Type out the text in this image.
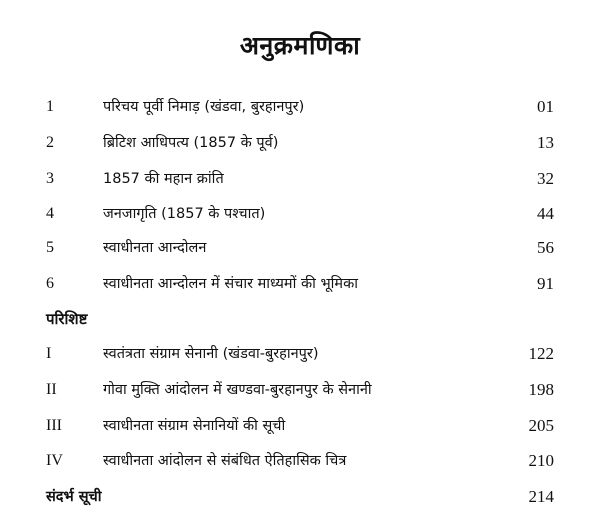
अनुक्रमणिका
1	परिचय पूर्वी निमाड़ (खंडवा, बुरहानपुर)	01
2	ब्रिटिश आधिपत्य (1857 के पूर्व)	13
3	1857 की महान क्रांति	32
4	जनजागृति (1857 के पश्चात)	44
5	स्वाधीनता आन्दोलन	56
6	स्वाधीनता आन्दोलन में संचार माध्यमों की भूमिका	91
परिशिष्ट
I	स्वतंत्रता संग्राम सेनानी (खंडवा-बुरहानपुर)	122
II	गोवा मुक्ति आंदोलन में खण्डवा-बुरहानपुर के सेनानी	198
III	स्वाधीनता संग्राम सेनानियों की सूची	205
IV	स्वाधीनता आंदोलन से संबंधित ऐतिहासिक चित्र	210
संदर्भ सूची	214
